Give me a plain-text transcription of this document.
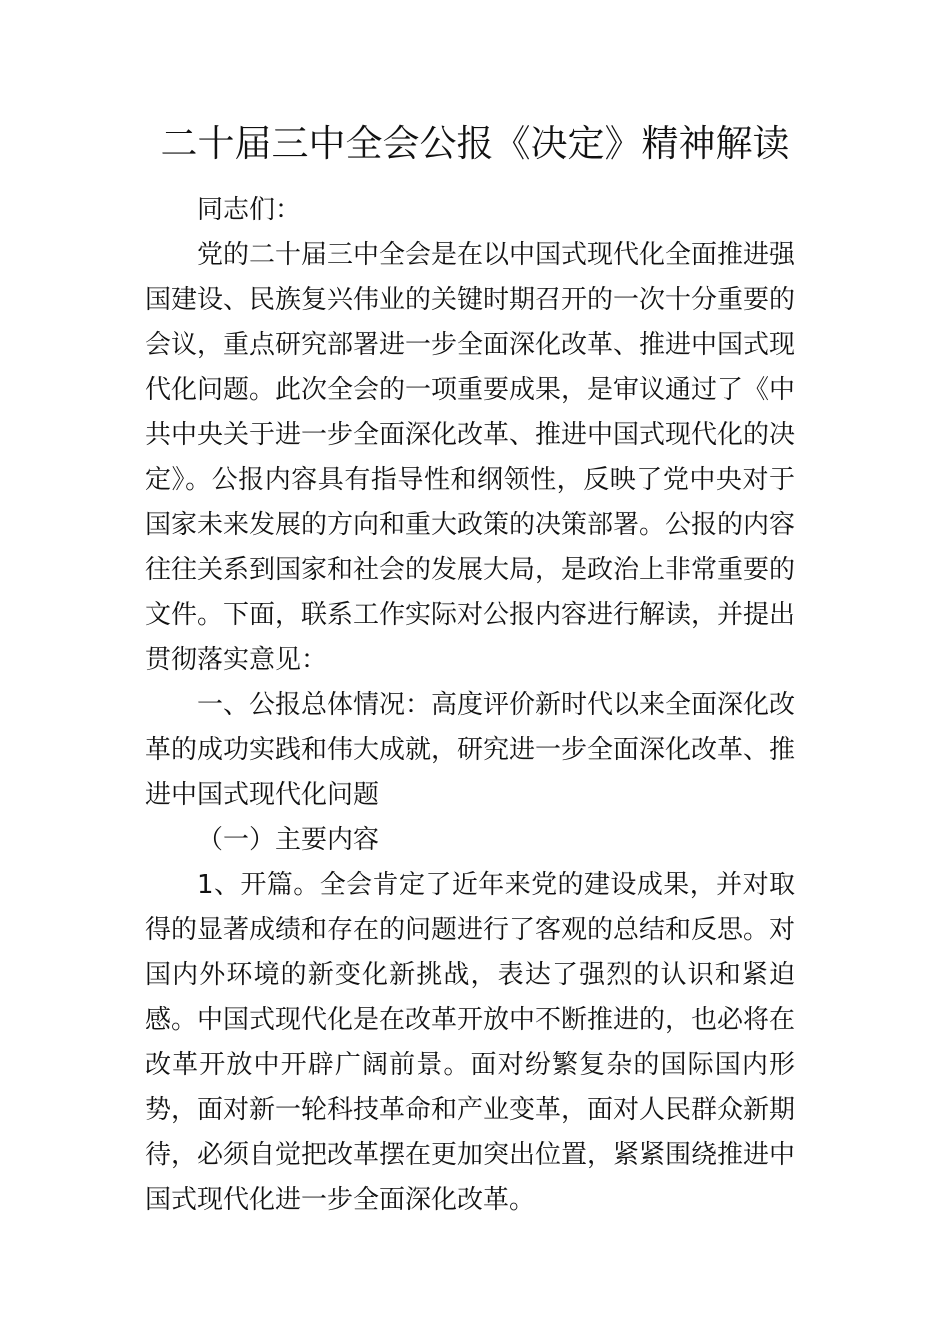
二十届三中全会公报《决定》精神解读

同志们：

党的二十届三中全会是在以中国式现代化全面推进强国建设、民族复兴伟业的关键时期召开的一次十分重要的会议，重点研究部署进一步全面深化改革、推进中国式现代化问题。此次全会的一项重要成果，是审议通过了《中共中央关于进一步全面深化改革、推进中国式现代化的决定》。公报内容具有指导性和纲领性，反映了党中央对于国家未来发展的方向和重大政策的决策部署。公报的内容往往关系到国家和社会的发展大局，是政治上非常重要的文件。下面，联系工作实际对公报内容进行解读，并提出贯彻落实意见：

一、公报总体情况：高度评价新时代以来全面深化改革的成功实践和伟大成就，研究进一步全面深化改革、推进中国式现代化问题

（一）主要内容

1、开篇。全会肯定了近年来党的建设成果，并对取得的显著成绩和存在的问题进行了客观的总结和反思。对国内外环境的新变化新挑战，表达了强烈的认识和紧迫感。中国式现代化是在改革开放中不断推进的，也必将在改革开放中开辟广阔前景。面对纷繁复杂的国际国内形势，面对新一轮科技革命和产业变革，面对人民群众新期待，必须自觉把改革摆在更加突出位置，紧紧围绕推进中国式现代化进一步全面深化改革。
